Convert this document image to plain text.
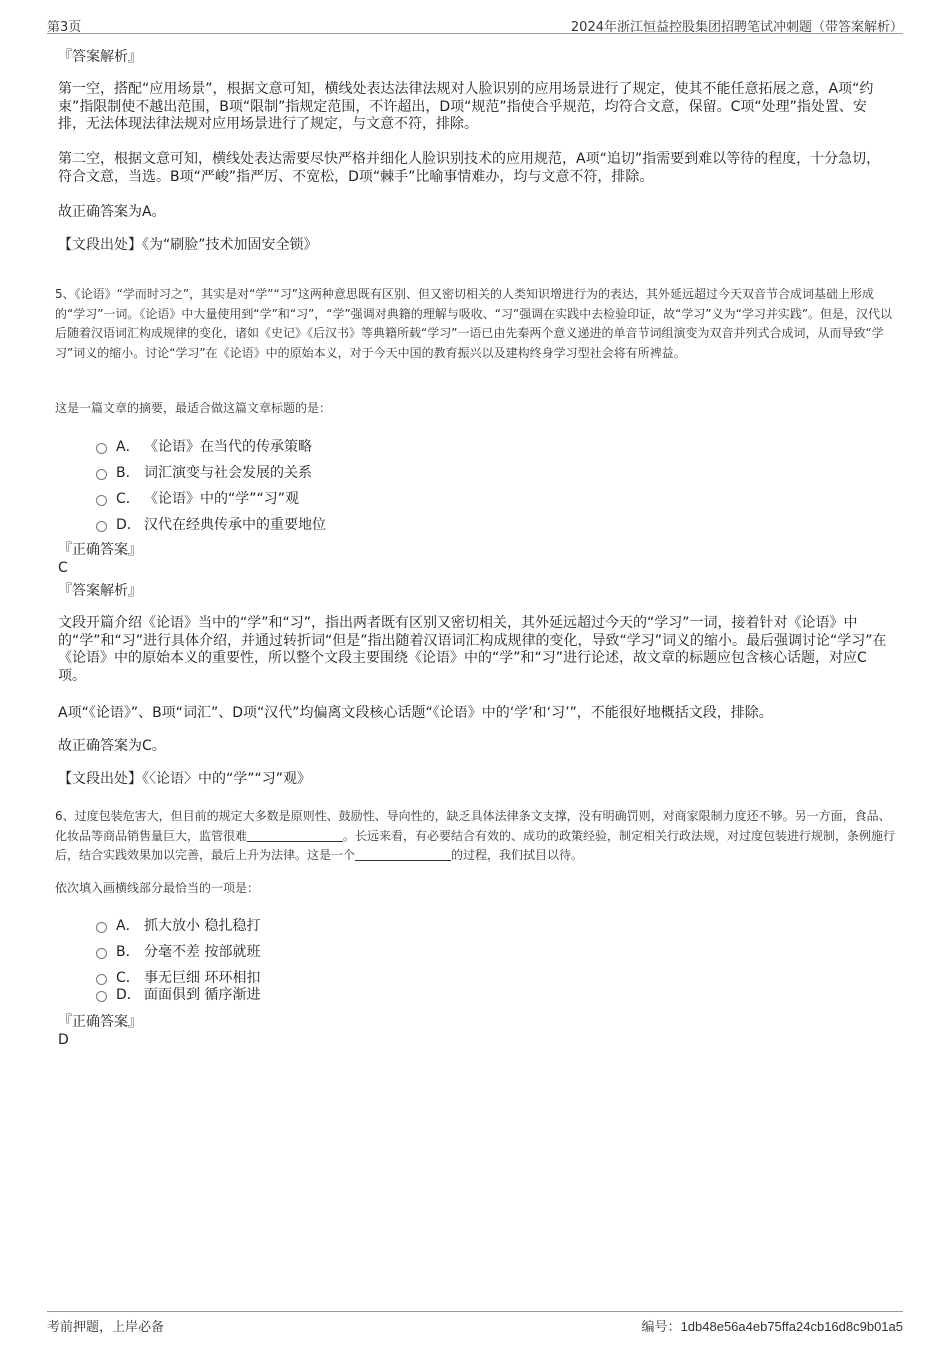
第3页	2024年浙江恒益控股集团招聘笔试冲刺题（带答案解析）
『答案解析』
第一空，搭配“应用场景”，根据文意可知，横线处表达法律法规对人脸识别的应用场景进行了规定，使其不能任意拓展之意，A项“约束”指限制使不越出范围，B项“限制”指规定范围，不许超出，D项“规范”指使合乎规范，均符合文意，保留。C项“处理”指处置、安排，无法体现法律法规对应用场景进行了规定，与文意不符，排除。
第二空，根据文意可知，横线处表达需要尽快严格并细化人脸识别技术的应用规范，A项“追切”指需要到难以等待的程度，十分急切，符合文意，当选。B项“严峻”指严厉、不宽松，D项“棘手”比喻事情难办，均与文意不符，排除。
故正确答案为A。
【文段出处】《为“刷脸”技术加固安全锁》
5、《论语》“学而时习之”，其实是对“学”“习”这两种意思既有区别、但又密切相关的人类知识增进行为的表达，其外延远超过今天双音节合成词基础上形成的“学习”一词。《论语》中大量使用到“学”和“习”，“学”强调对典籍的理解与吸收、“习”强调在实践中去检验印证，故“学习”义为“学习并实践”。但是，汉代以后随着汉语词汇构成规律的变化，诸如《史记》《后汉书》等典籍所载“学习”一语已由先秦两个意义递进的单音节词组演变为双音并列式合成词，从而导致“学习”词义的缩小。讨论“学习”在《论语》中的原始本义，对于今天中国的教育振兴以及建构终身学习型社会将有所裨益。
这是一篇文章的摘要，最适合做这篇文章标题的是：
A． 《论语》在当代的传承策略
B． 词汇演变与社会发展的关系
C． 《论语》中的“学”“习”观
D． 汉代在经典传承中的重要地位
『正确答案』
C
『答案解析』
文段开篇介绍《论语》当中的“学”和“习”，指出两者既有区别又密切相关，其外延远超过今天的“学习”一词，接着针对《论语》中的“学”和“习”进行具体介绍，并通过转折词“但是”指出随着汉语词汇构成规律的变化，导致“学习”词义的缩小。最后强调讨论“学习”在《论语》中的原始本义的重要性，所以整个文段主要围绕《论语》中的“学”和“习”进行论述，故文章的标题应包含核心话题，对应C项。
A项“《论语》”、B项“词汇”、D项“汉代”均偏离文段核心话题“《论语》中的‘学’和‘习’”，不能很好地概括文段，排除。
故正确答案为C。
【文段出处】《〈论语〉中的“学”“习”观》
6、过度包装危害大，但目前的规定大多数是原则性、鼓励性、导向性的，缺乏具体法律条文支撑，没有明确罚则，对商家限制力度还不够。另一方面，食品、化妆品等商品销售量巨大，监管很难	。长远来看，有必要结合有效的、成功的政策经验，制定相关行政法规，对过度包装进行规制，条例施行后，结合实践效果加以完善，最后上升为法律。这是一个	的过程，我们拭目以待。
依次填入画横线部分最恰当的一项是：
A． 抓大放小 稳扎稳打
B． 分毫不差 按部就班
C． 事无巨细 环环相扣
D． 面面俱到 循序渐进
『正确答案』
D
考前押题，上岸必备	编号：1db48e56a4eb75ffa24cb16d8c9b01a5
